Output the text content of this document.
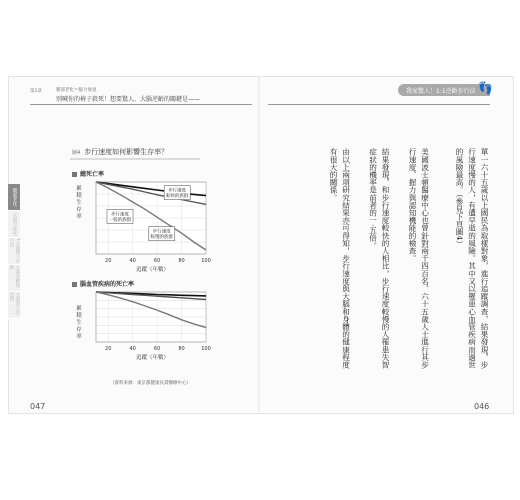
第1章	腿部老化＝腦力衰退
別喊你的椅子殺死！想要驚人、大腦逆齡的關鍵是——
我家驚人！1:1逆齡步行法 👣
腿部老化
大腦年輕化
1分鐘驚人步行法
大腦逆齡運動
大腦與生活習慣
圖4 步行速度如何影響生存率？
總死亡率
累積生存率
20	40	60	80	100
步行速度
較快的族群
步行速度
較慢的族群
步行速度
一般的族群
追蹤（年數）
腦血管疾病的死亡率
累積生存率
20	40	60	80	100
追蹤（年數）
（資料來源：東京都健康長壽醫療中心）
單一六十五歲以上國民為取樣對象，進行追蹤調查，結果發現，步行速度慢的人，有遭早逝的風險。其中又以罹患心血管疾病而過世的風險最高。（參見下頁圖4）
美國波士頓醫療中心也曾針對兩千四百名、六十五歲人士進行其步行速度、握力與認知機能的檢查。
結果發現，和步行速度較快的人相比，步行速度較慢的人罹患失智症狀的機率是前者的一·五倍。
由以上兩項研究結果亦可得知，步行速度與大腦和身體的健康程度有很大的關係。
047	046
